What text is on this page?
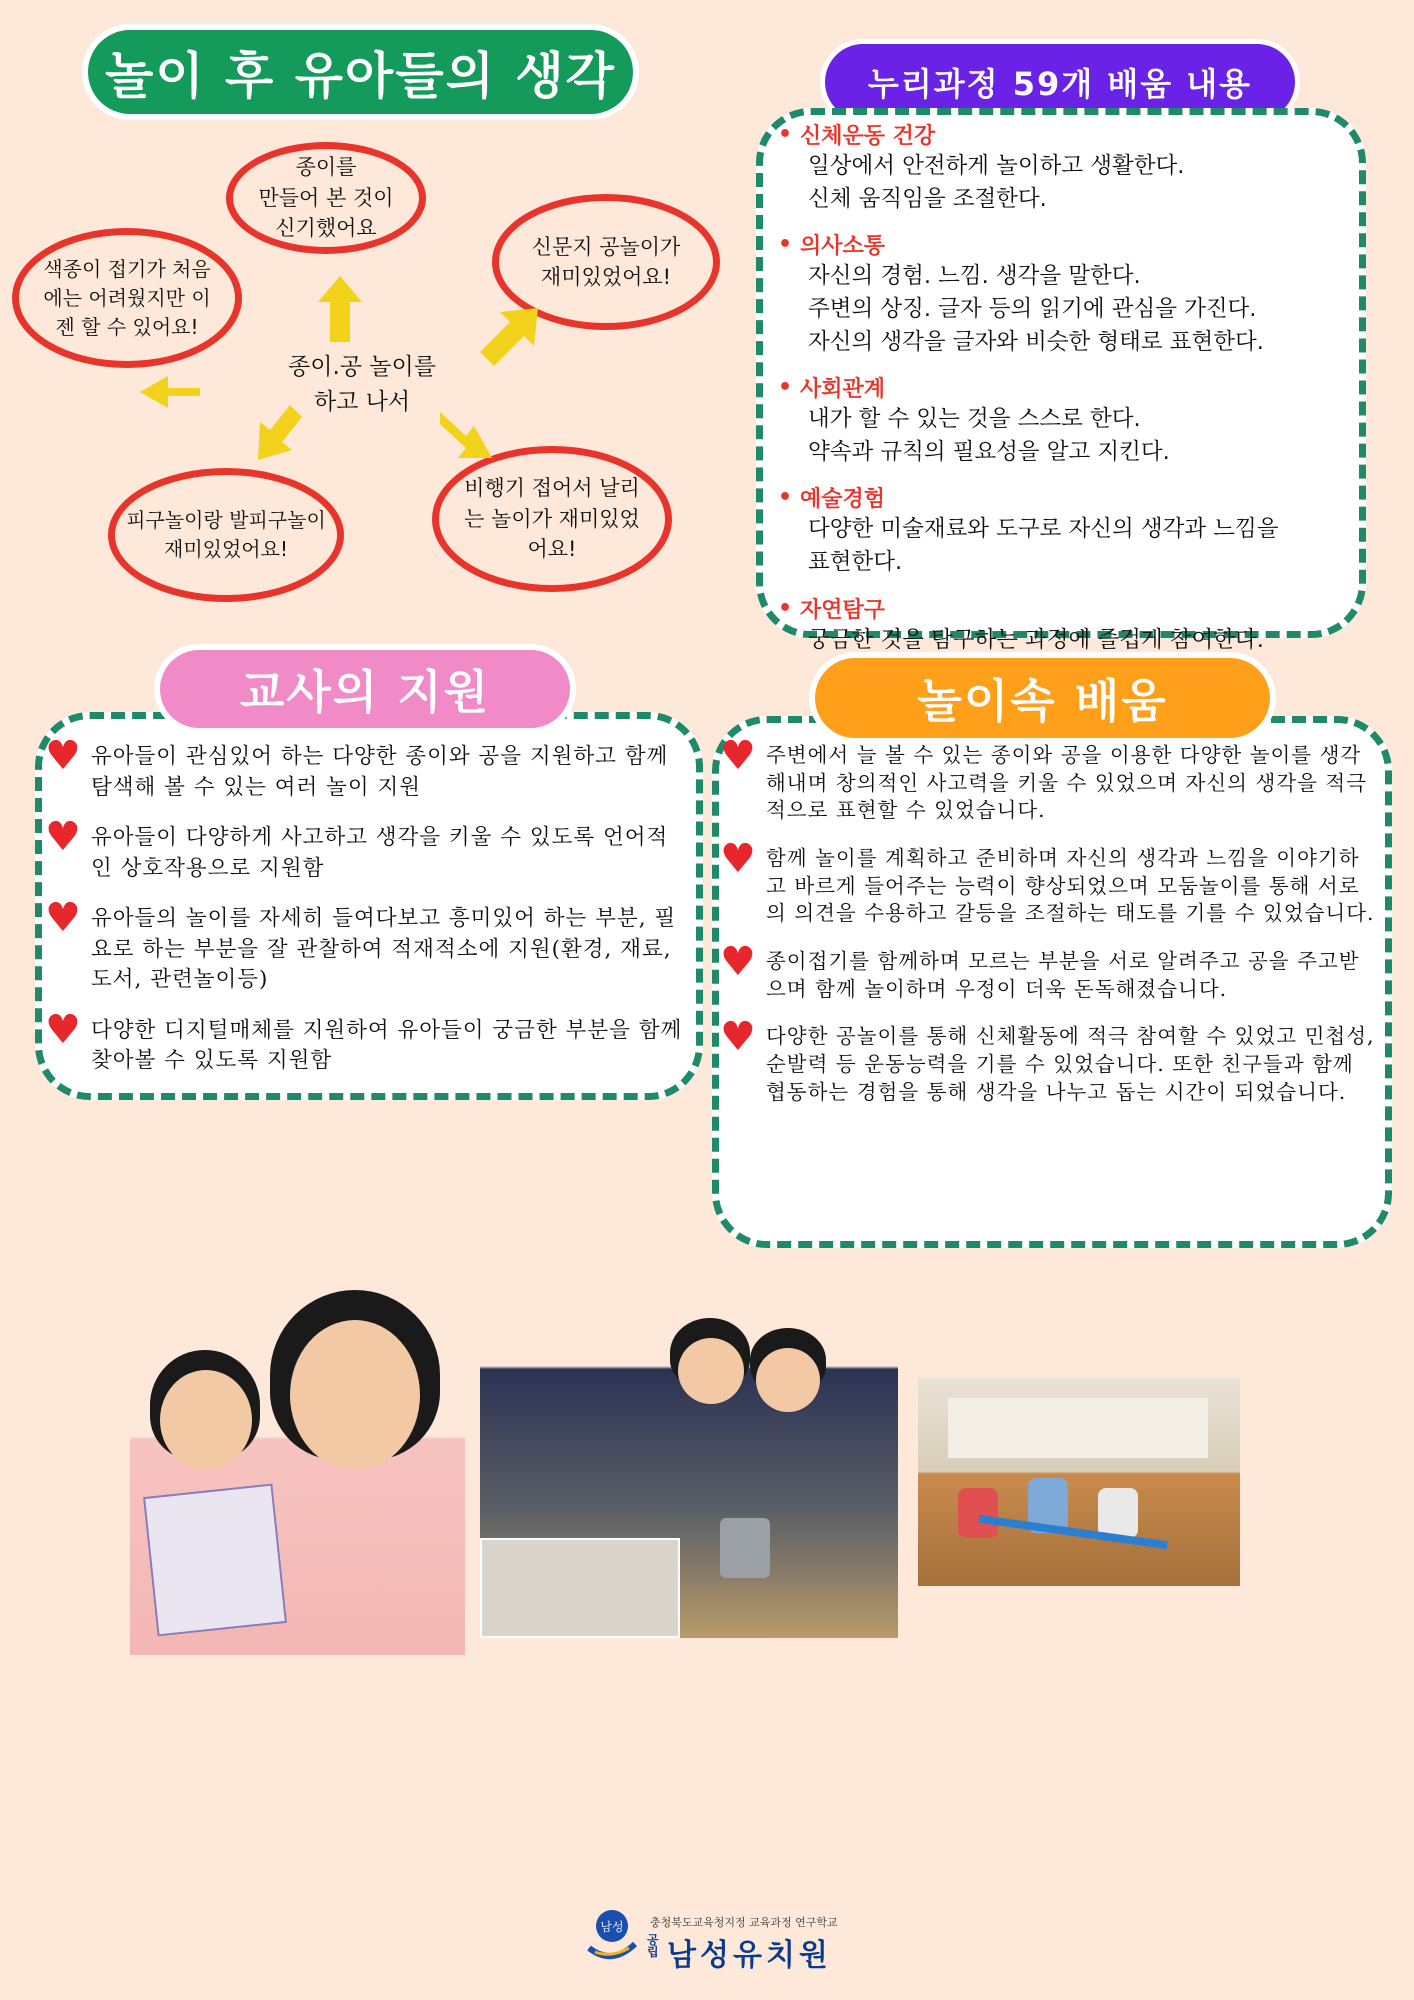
놀이 후 유아들의 생각	누리과정 59개 배움 내용
종이를
만들어 본 것이
신기했어요
신문지 공놀이가
재미있었어요!
색종이 접기가 처음
에는 어려웠지만 이
젠 할 수 있어요!
피구놀이랑 발피구놀이
재미있었어요!
비행기 접어서 날리
는 놀이가 재미있었
어요!
종이.공 놀이를
하고 나서
• 신체운동 건강
일상에서 안전하게 놀이하고 생활한다.
신체 움직임을 조절한다.
• 의사소통
자신의 경험. 느낌. 생각을 말한다.
주변의 상징. 글자 등의 읽기에 관심을 가진다.
자신의 생각을 글자와 비슷한 형태로 표현한다.
• 사회관계
내가 할 수 있는 것을 스스로 한다.
약속과 규칙의 필요성을 알고 지킨다.
• 예술경험
다양한 미술재료와 도구로 자신의 생각과 느낌을
표현한다.
• 자연탐구
궁금한 것을 탐구하는 과정에 즐겁게 참여한다.
교사의 지원
♥ 유아들이 관심있어 하는 다양한 종이와 공을 지원하고 함께 탐색해 볼 수 있는 여러 놀이 지원
♥ 유아들이 다양하게 사고하고 생각을 키울 수 있도록 언어적인 상호작용으로 지원함
♥ 유아들의 놀이를 자세히 들여다보고 흥미있어 하는 부분, 필요로 하는 부분을 잘 관찰하여 적재적소에 지원(환경, 재료, 도서, 관련놀이등)
♥ 다양한 디지털매체를 지원하여 유아들이 궁금한 부분을 함께 찾아볼 수 있도록 지원함
놀이속 배움
♥ 주변에서 늘 볼 수 있는 종이와 공을 이용한 다양한 놀이를 생각해내며 창의적인 사고력을 키울 수 있었으며 자신의 생각을 적극적으로 표현할 수 있었습니다.
♥ 함께 놀이를 계획하고 준비하며 자신의 생각과 느낌을 이야기하고 바르게 들어주는 능력이 향상되었으며 모둠놀이를 통해 서로의 의견을 수용하고 갈등을 조절하는 태도를 기를 수 있었습니다.
♥ 종이접기를 함께하며 모르는 부분을 서로 알려주고 공을 주고받으며 함께 놀이하며 우정이 더욱 돈독해졌습니다.
♥ 다양한 공놀이를 통해 신체활동에 적극 참여할 수 있었고 민첩성, 순발력 등 운동능력을 기를 수 있었습니다. 또한 친구들과 함께 협동하는 경험을 통해 생각을 나누고 돕는 시간이 되었습니다.
남성 충청북도교육청지정 교육과정 연구학교
공립 남성유치원
